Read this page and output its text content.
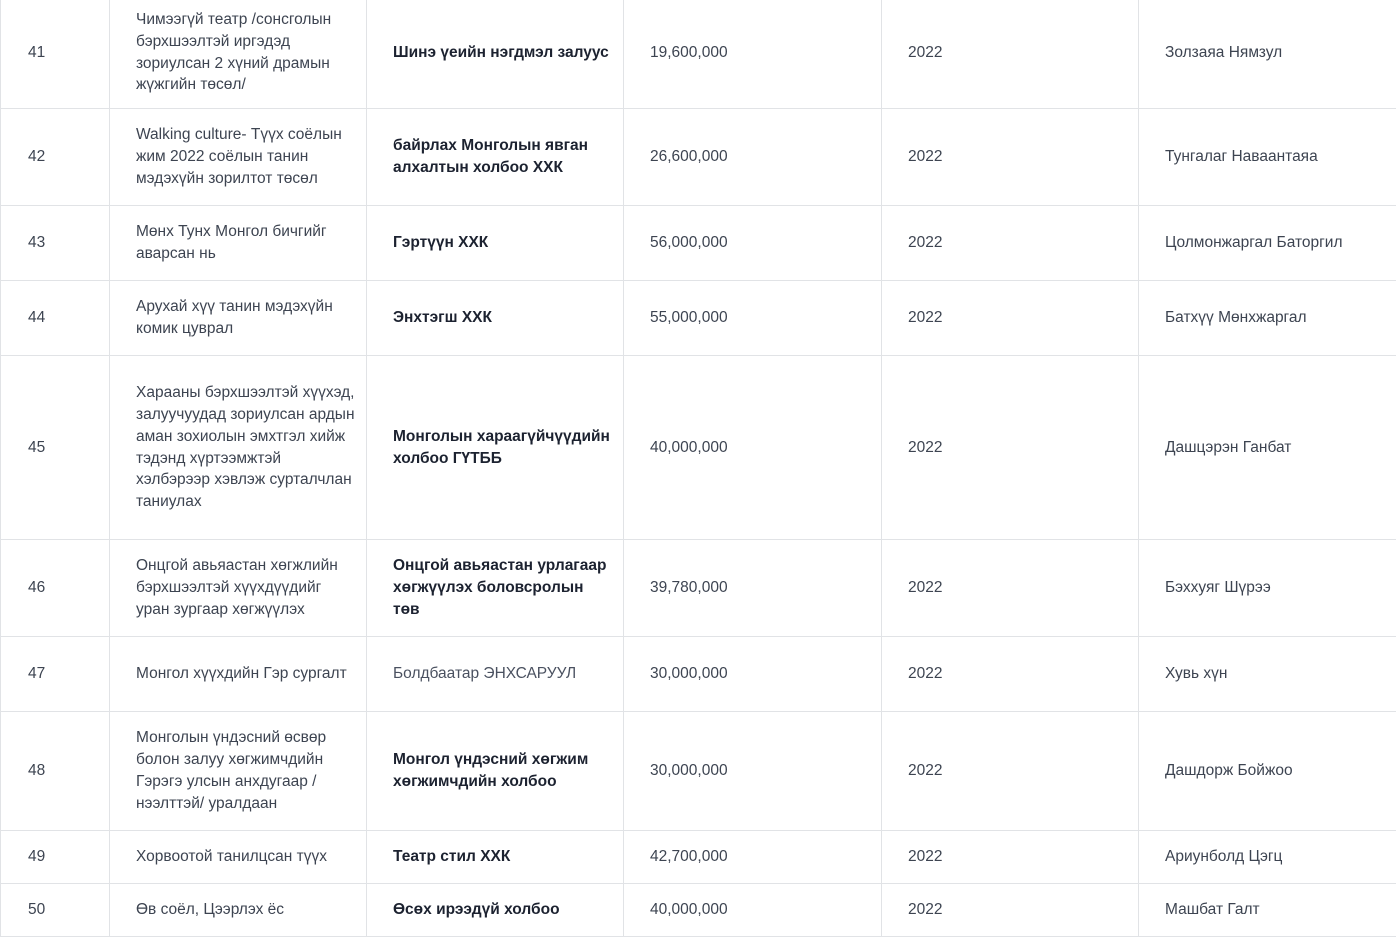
41	Чимээгүй театр /сонсголын бэрхшээлтэй иргэдэд зориулсан 2 хүний драмын жүжгийн төсөл/	Шинэ үеийн нэгдмэл залуус	19,600,000	2022	Золзаяа Нямзул
42	Walking culture- Түүх соёлын жим 2022 соёлын танин мэдэхүйн зорилтот төсөл	байрлах Монголын явган алхалтын холбоо ХХК	26,600,000	2022	Тунгалаг Наваантаяа
43	Мөнх Тунх Монгол бичгийг аварсан нь	Гэртүүн ХХК	56,000,000	2022	Цолмонжаргал Баторгил
44	Арухай хүү танин мэдэхүйн комик цуврал	Энхтэгш ХХК	55,000,000	2022	Батхүү Мөнхжаргал
45	Харааны бэрхшээлтэй хүүхэд, залуучуудад зориулсан ардын аман зохиолын эмхтгэл хийж тэдэнд хүртээмжтэй хэлбэрээр хэвлэж сурталчлан таниулах	Монголын хараагүйчүүдийн холбоо ГҮТББ	40,000,000	2022	Дашцэрэн Ганбат
46	Онцгой авьяастан хөгжлийн бэрхшээлтэй хүүхдүүдийг уран зургаар хөгжүүлэх	Онцгой авьяастан урлагаар хөгжүүлэх боловсролын төв	39,780,000	2022	Бэххуяг Шүрээ
47	Монгол хүүхдийн Гэр сургалт	Болдбаатар ЭНХСАРУУЛ	30,000,000	2022	Хувь хүн
48	Монголын үндэсний өсвөр болон залуу хөгжимчдийн Гэрэгэ улсын анхдугаар /нээлттэй/ уралдаан	Монгол үндэсний хөгжим хөгжимчдийн холбоо	30,000,000	2022	Дашдорж Бойжоо
49	Хорвоотой танилцсан түүх	Театр стил ХХК	42,700,000	2022	Ариунболд Цэгц
50	Өв соёл, Цээрлэх ёс	Өсөх ирээдүй холбоо	40,000,000	2022	Машбат Галт
